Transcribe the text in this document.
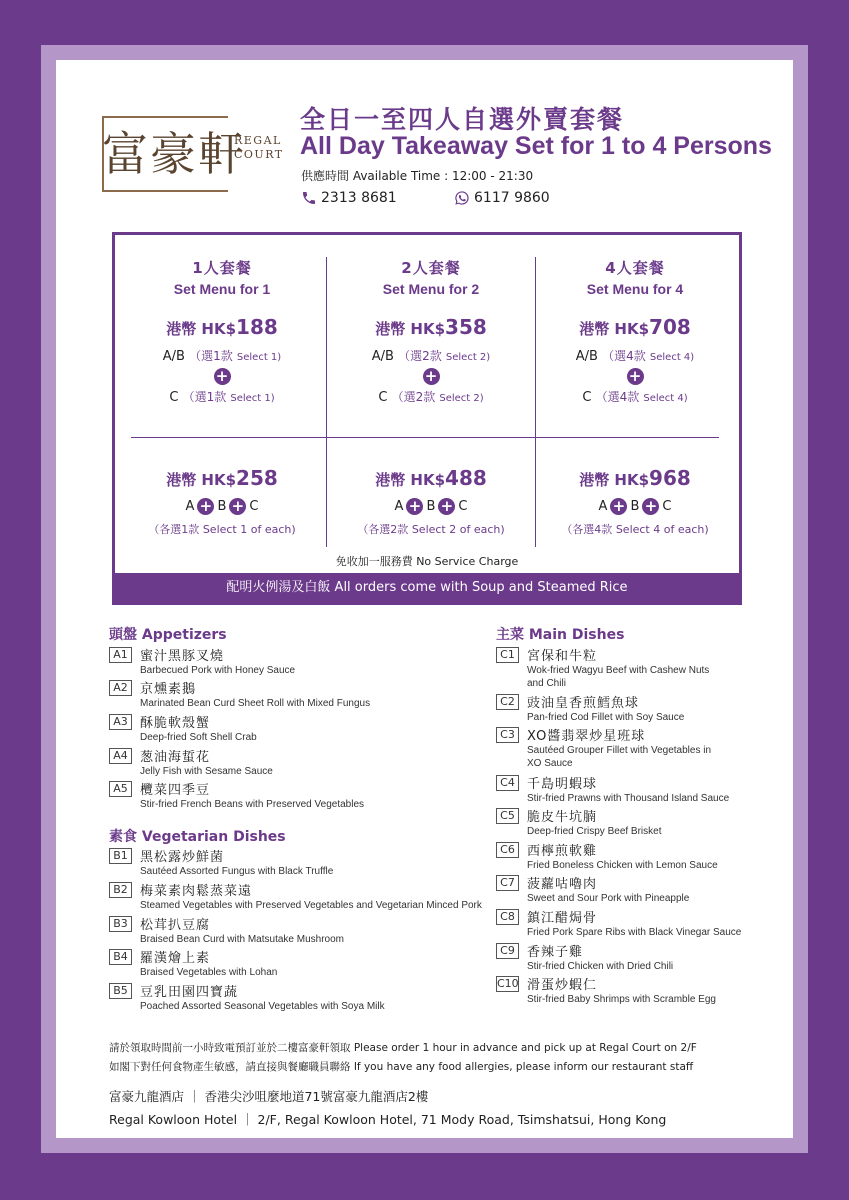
富豪軒
REGAL
COURT
全日一至四人自選外賣套餐
All Day Takeaway Set for 1 to 4 Persons
供應時間 Available Time : 12:00 - 21:30
2313 8681	6117 9860
1人套餐
Set Menu for 1
港幣 HK$188
A/B （選1款 Select 1)
+
C （選1款 Select 1)
港幣 HK$258
A + B + C
（各選1款 Select 1 of each)
2人套餐
Set Menu for 2
港幣 HK$358
A/B （選2款 Select 2)
+
C （選2款 Select 2)
港幣 HK$488
A + B + C
（各選2款 Select 2 of each)
4人套餐
Set Menu for 4
港幣 HK$708
A/B （選4款 Select 4)
+
C （選4款 Select 4)
港幣 HK$968
A + B + C
（各選4款 Select 4 of each)
免收加一服務費 No Service Charge
配明火例湯及白飯 All orders come with Soup and Steamed Rice
頭盤 Appetizers
A1 蜜汁黑豚叉燒
Barbecued Pork with Honey Sauce
A2 京燻素鵝
Marinated Bean Curd Sheet Roll with Mixed Fungus
A3 酥脆軟殼蟹
Deep-fried Soft Shell Crab
A4 葱油海蜇花
Jelly Fish with Sesame Sauce
A5 欖菜四季豆
Stir-fried French Beans with Preserved Vegetables
素食 Vegetarian Dishes
B1 黑松露炒鮮菌
Sautéed Assorted Fungus with Black Truffle
B2 梅菜素肉鬆蒸菜遠
Steamed Vegetables with Preserved Vegetables and Vegetarian Minced Pork
B3 松茸扒豆腐
Braised Bean Curd with Matsutake Mushroom
B4 羅漢燴上素
Braised Vegetables with Lohan
B5 豆乳田園四寶蔬
Poached Assorted Seasonal Vegetables with Soya Milk
主菜 Main Dishes
C1 宮保和牛粒
Wok-fried Wagyu Beef with Cashew Nuts
and Chili
C2 豉油皇香煎鱈魚球
Pan-fried Cod Fillet with Soy Sauce
C3 XO醬翡翠炒星班球
Sautéed Grouper Fillet with Vegetables in
XO Sauce
C4 千島明蝦球
Stir-fried Prawns with Thousand Island Sauce
C5 脆皮牛坑腩
Deep-fried Crispy Beef Brisket
C6 西檸煎軟雞
Fried Boneless Chicken with Lemon Sauce
C7 菠蘿咕嚕肉
Sweet and Sour Pork with Pineapple
C8 鎮江醋焗骨
Fried Pork Spare Ribs with Black Vinegar Sauce
C9 香辣子雞
Stir-fried Chicken with Dried Chili
C10 滑蛋炒蝦仁
Stir-fried Baby Shrimps with Scramble Egg
請於領取時間前一小時致電預訂並於二樓富豪軒領取 Please order 1 hour in advance and pick up at Regal Court on 2/F
如閣下對任何食物產生敏感，請直接與餐廳職員聯絡 If you have any food allergies, please inform our restaurant staff
富豪九龍酒店 ｜ 香港尖沙咀麼地道71號富豪九龍酒店2樓
Regal Kowloon Hotel ｜ 2/F, Regal Kowloon Hotel, 71 Mody Road, Tsimshatsui, Hong Kong
